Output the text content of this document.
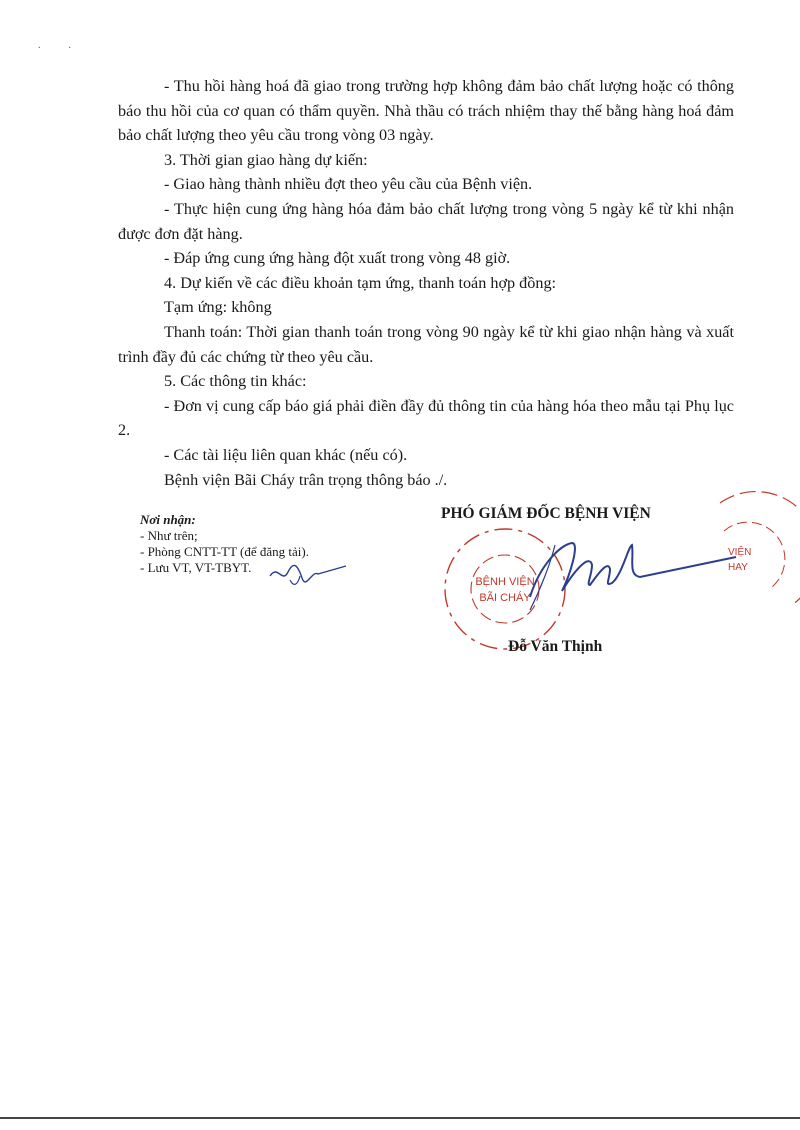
..

- Thu hồi hàng hoá đã giao trong trường hợp không đảm bảo chất lượng hoặc có thông báo thu hồi của cơ quan có thẩm quyền. Nhà thầu có trách nhiệm thay thế bằng hàng hoá đảm bảo chất lượng theo yêu cầu trong vòng 03 ngày.

3. Thời gian giao hàng dự kiến:

- Giao hàng thành nhiều đợt theo yêu cầu của Bệnh viện.

- Thực hiện cung ứng hàng hóa đảm bảo chất lượng trong vòng 5 ngày kể từ khi nhận được đơn đặt hàng.

- Đáp ứng cung ứng hàng đột xuất trong vòng 48 giờ.

4. Dự kiến về các điều khoản tạm ứng, thanh toán hợp đồng:

Tạm ứng: không

Thanh toán: Thời gian thanh toán trong vòng 90 ngày kể từ khi giao nhận hàng và xuất trình đầy đủ các chứng từ theo yêu cầu.

5. Các thông tin khác:

- Đơn vị cung cấp báo giá phải điền đầy đủ thông tin của hàng hóa theo mẫu tại Phụ lục 2.

- Các tài liệu liên quan khác (nếu có).

Bệnh viện Bãi Cháy trân trọng thông báo ./.

Nơi nhận:
- Như trên;
- Phòng CNTT-TT (để đăng tải).
- Lưu VT, VT-TBYT.
PHÓ GIÁM ĐỐC BỆNH VIỆN
BỆNH VIỆN
BÃI CHÁY
VIỆN
HAY
Đỗ Văn Thịnh
